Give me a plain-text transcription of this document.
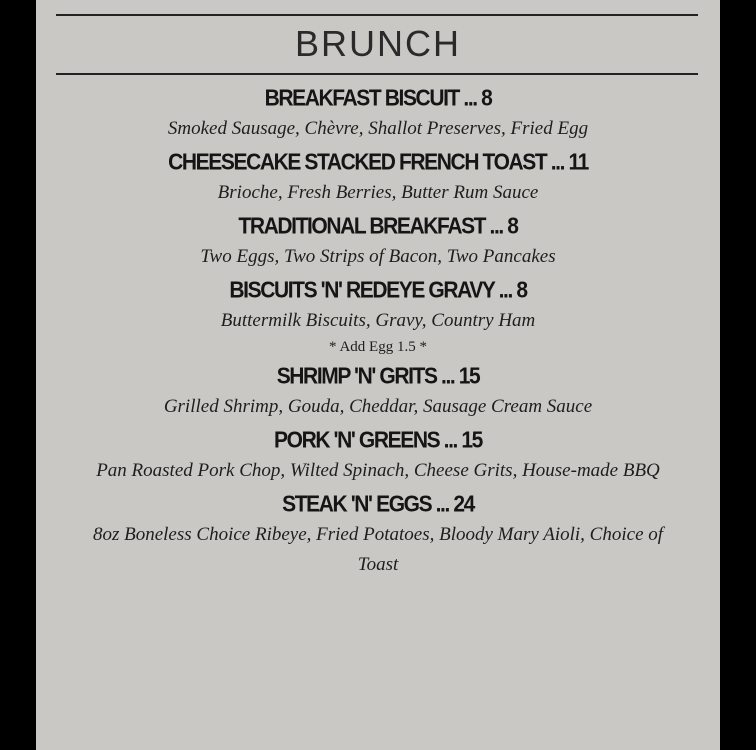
BRUNCH
BREAKFAST BISCUIT ... 8
Smoked Sausage, Chèvre, Shallot Preserves, Fried Egg
CHEESECAKE STACKED FRENCH TOAST ... 11
Brioche, Fresh Berries, Butter Rum Sauce
TRADITIONAL BREAKFAST ... 8
Two Eggs, Two Strips of Bacon, Two Pancakes
BISCUITS 'N' REDEYE GRAVY ... 8
Buttermilk Biscuits, Gravy, Country Ham
* Add Egg 1.5 *
SHRIMP 'N' GRITS ... 15
Grilled Shrimp, Gouda, Cheddar, Sausage Cream Sauce
PORK 'N' GREENS ... 15
Pan Roasted Pork Chop, Wilted Spinach, Cheese Grits, House-made BBQ
STEAK 'N' EGGS ... 24
8oz Boneless Choice Ribeye, Fried Potatoes, Bloody Mary Aioli, Choice of Toast
